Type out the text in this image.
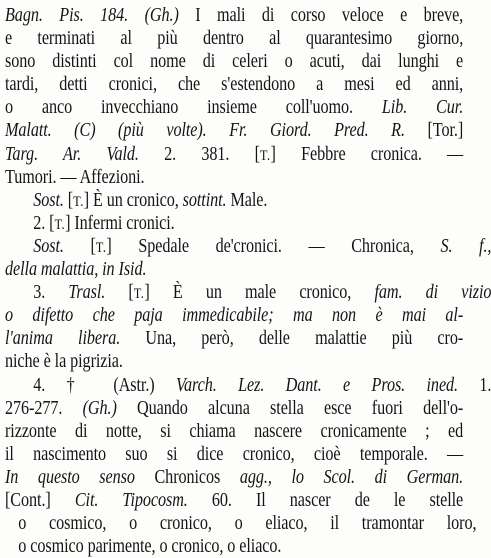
Bagn. Pis. 184. (Gh.) I mali di corso veloce e breve,
e terminati al più dentro al quarantesimo giorno,
sono distinti col nome di celeri o acuti, dai lunghi e
tardi, detti cronici, che s'estendono a mesi ed anni,
o anco invecchiano insieme coll'uomo. Lib. Cur.
Malatt. (C) (più volte). Fr. Giord. Pred. R. [Tor.]
Targ. Ar. Vald. 2. 381. [T.] Febbre cronica. —
Tumori. — Affezioni.
Sost. [T.] È un cronico, sottint. Male.
2. [T.] Infermi cronici.
Sost. [T.] Spedale de'cronici. — Chronica, S. f.,
della malattia, in Isid.
3. Trasl. [T.] È un male cronico, fam. di vizio
o difetto che paja immedicabile; ma non è mai al-
l'anima libera. Una, però, delle malattie più cro-
niche è la pigrizia.
4. † (Astr.) Varch. Lez. Dant. e Pros. ined. 1.
276-277. (Gh.) Quando alcuna stella esce fuori dell'o-
rizzonte di notte, si chiama nascere cronicamente ; ed
il nascimento suo si dice cronico, cioè temporale. —
In questo senso Chronicos agg., lo Scol. di German.
[Cont.] Cit. Tipocosm. 60. Il nascer de le stelle
o cosmico, o cronico, o eliaco, il tramontar loro,
o cosmico parimente, o cronico, o eliaco.
